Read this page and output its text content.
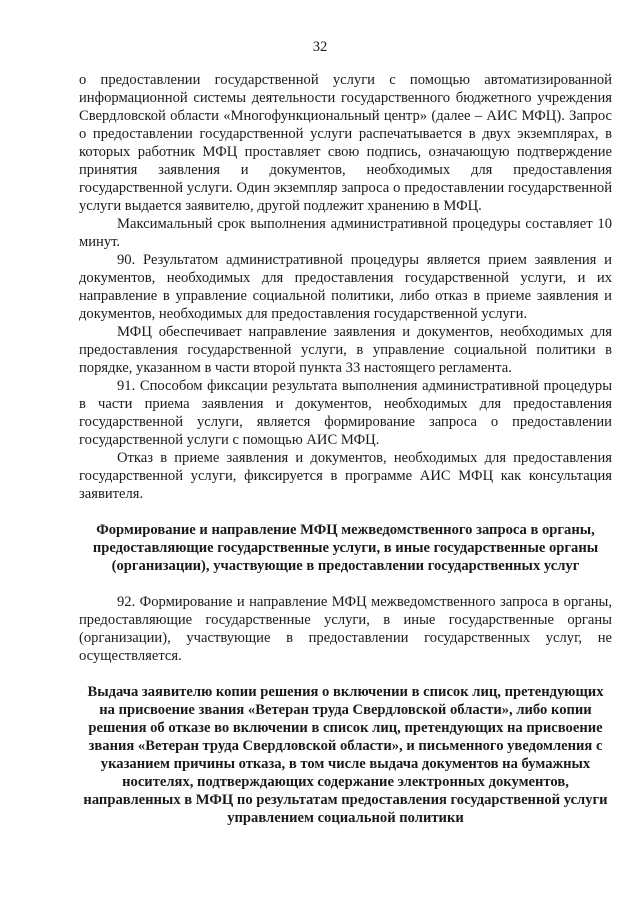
32

о предоставлении государственной услуги с помощью автоматизированной информационной системы деятельности государственного бюджетного учреждения Свердловской области «Многофункциональный центр» (далее – АИС МФЦ). Запрос о предоставлении государственной услуги распечатывается в двух экземплярах, в которых работник МФЦ проставляет свою подпись, означающую подтверждение принятия заявления и документов, необходимых для предоставления государственной услуги. Один экземпляр запроса о предоставлении государственной услуги выдается заявителю, другой подлежит хранению в МФЦ.

Максимальный срок выполнения административной процедуры составляет 10 минут.

90. Результатом административной процедуры является прием заявления и документов, необходимых для предоставления государственной услуги, и их направление в управление социальной политики, либо отказ в приеме заявления и документов, необходимых для предоставления государственной услуги.

МФЦ обеспечивает направление заявления и документов, необходимых для предоставления государственной услуги, в управление социальной политики в порядке, указанном в части второй пункта 33 настоящего регламента.

91. Способом фиксации результата выполнения административной процедуры в части приема заявления и документов, необходимых для предоставления государственной услуги, является формирование запроса о предоставлении государственной услуги с помощью АИС МФЦ.

Отказ в приеме заявления и документов, необходимых для предоставления государственной услуги, фиксируется в программе АИС МФЦ как консультация заявителя.

Формирование и направление МФЦ межведомственного запроса в органы, предоставляющие государственные услуги, в иные государственные органы (организации), участвующие в предоставлении государственных услуг

92. Формирование и направление МФЦ межведомственного запроса в органы, предоставляющие государственные услуги, в иные государственные органы (организации), участвующие в предоставлении государственных услуг, не осуществляется.

Выдача заявителю копии решения о включении в список лиц, претендующих на присвоение звания «Ветеран труда Свердловской области», либо копии решения об отказе во включении в список лиц, претендующих на присвоение звания «Ветеран труда Свердловской области», и письменного уведомления с указанием причины отказа, в том числе выдача документов на бумажных носителях, подтверждающих содержание электронных документов, направленных в МФЦ по результатам предоставления государственной услуги управлением социальной политики
